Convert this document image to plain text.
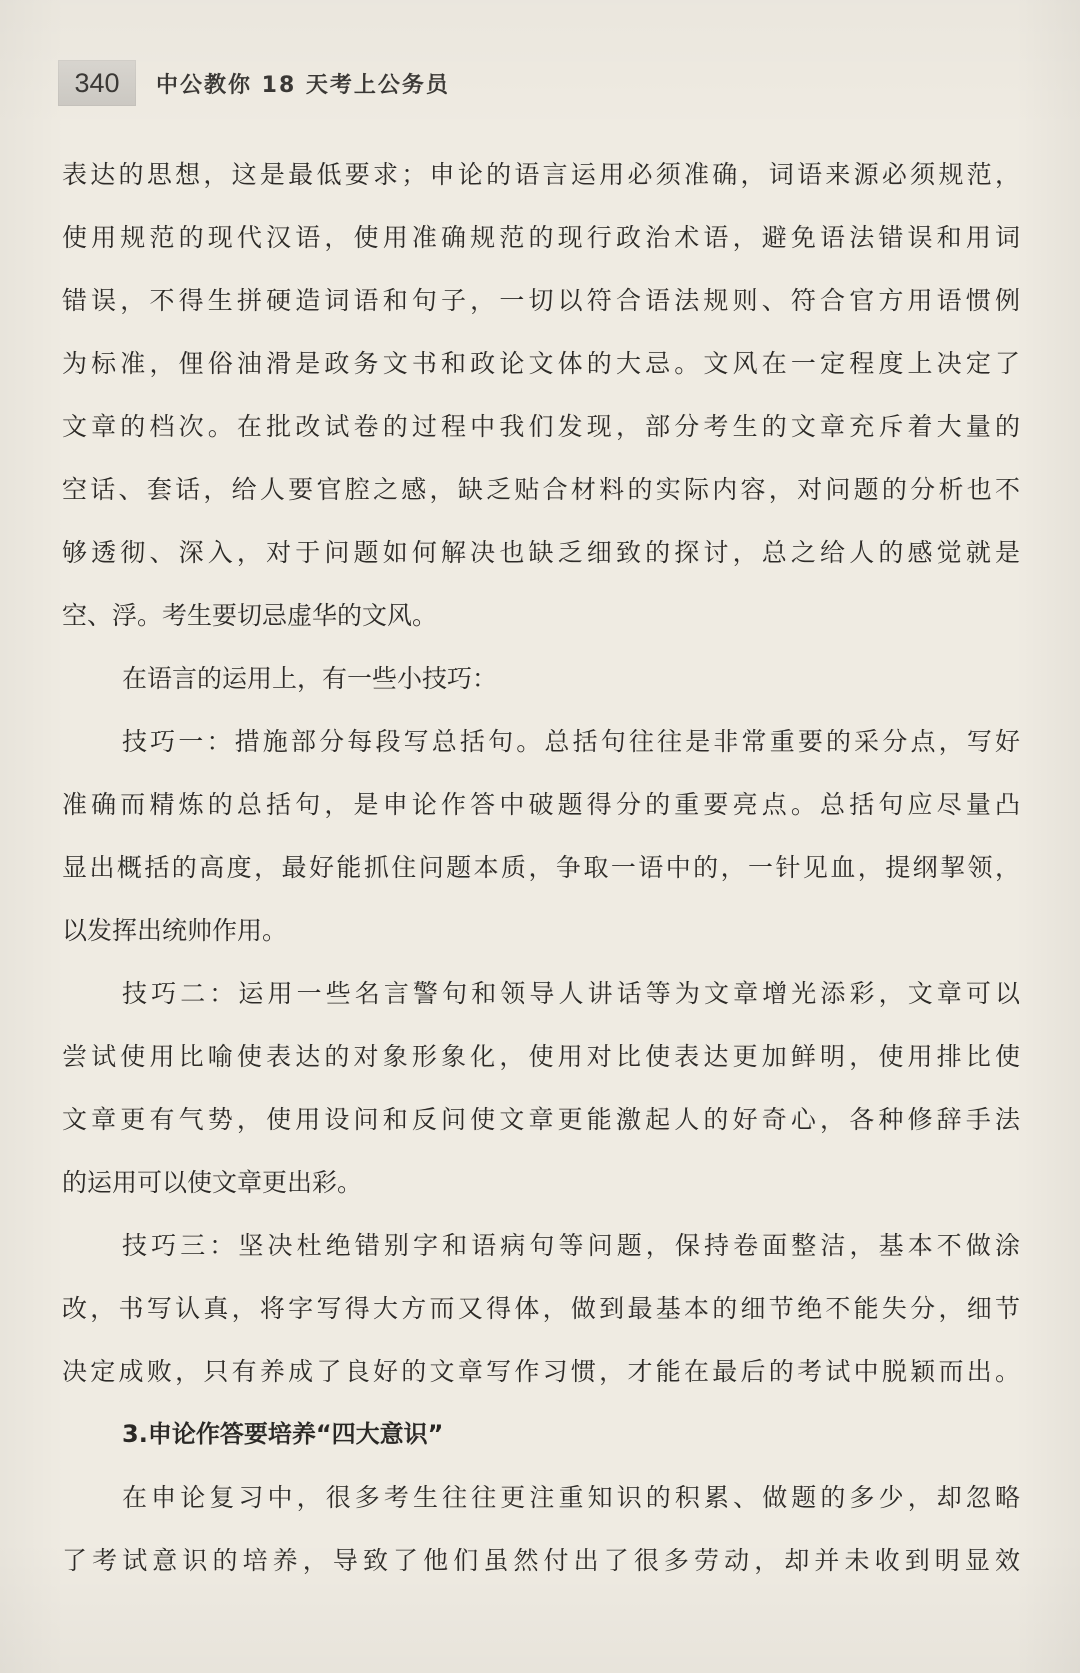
340 中公教你 18 天考上公务员
表达的思想，这是最低要求；申论的语言运用必须准确，词语来源必须规范，
使用规范的现代汉语，使用准确规范的现行政治术语，避免语法错误和用词
错误，不得生拼硬造词语和句子，一切以符合语法规则、符合官方用语惯例
为标准，俚俗油滑是政务文书和政论文体的大忌。文风在一定程度上决定了
文章的档次。在批改试卷的过程中我们发现，部分考生的文章充斥着大量的
空话、套话，给人要官腔之感，缺乏贴合材料的实际内容，对问题的分析也不
够透彻、深入，对于问题如何解决也缺乏细致的探讨，总之给人的感觉就是
空、浮。考生要切忌虚华的文风。
在语言的运用上，有一些小技巧：
技巧一：措施部分每段写总括句。总括句往往是非常重要的采分点，写好
准确而精炼的总括句，是申论作答中破题得分的重要亮点。总括句应尽量凸
显出概括的高度，最好能抓住问题本质，争取一语中的，一针见血，提纲挈领，
以发挥出统帅作用。
技巧二：运用一些名言警句和领导人讲话等为文章增光添彩，文章可以
尝试使用比喻使表达的对象形象化，使用对比使表达更加鲜明，使用排比使
文章更有气势，使用设问和反问使文章更能激起人的好奇心，各种修辞手法
的运用可以使文章更出彩。
技巧三：坚决杜绝错别字和语病句等问题，保持卷面整洁，基本不做涂
改，书写认真，将字写得大方而又得体，做到最基本的细节绝不能失分，细节
决定成败，只有养成了良好的文章写作习惯，才能在最后的考试中脱颖而出。
3.申论作答要培养“四大意识”
在申论复习中，很多考生往往更注重知识的积累、做题的多少，却忽略
了考试意识的培养，导致了他们虽然付出了很多劳动，却并未收到明显效
